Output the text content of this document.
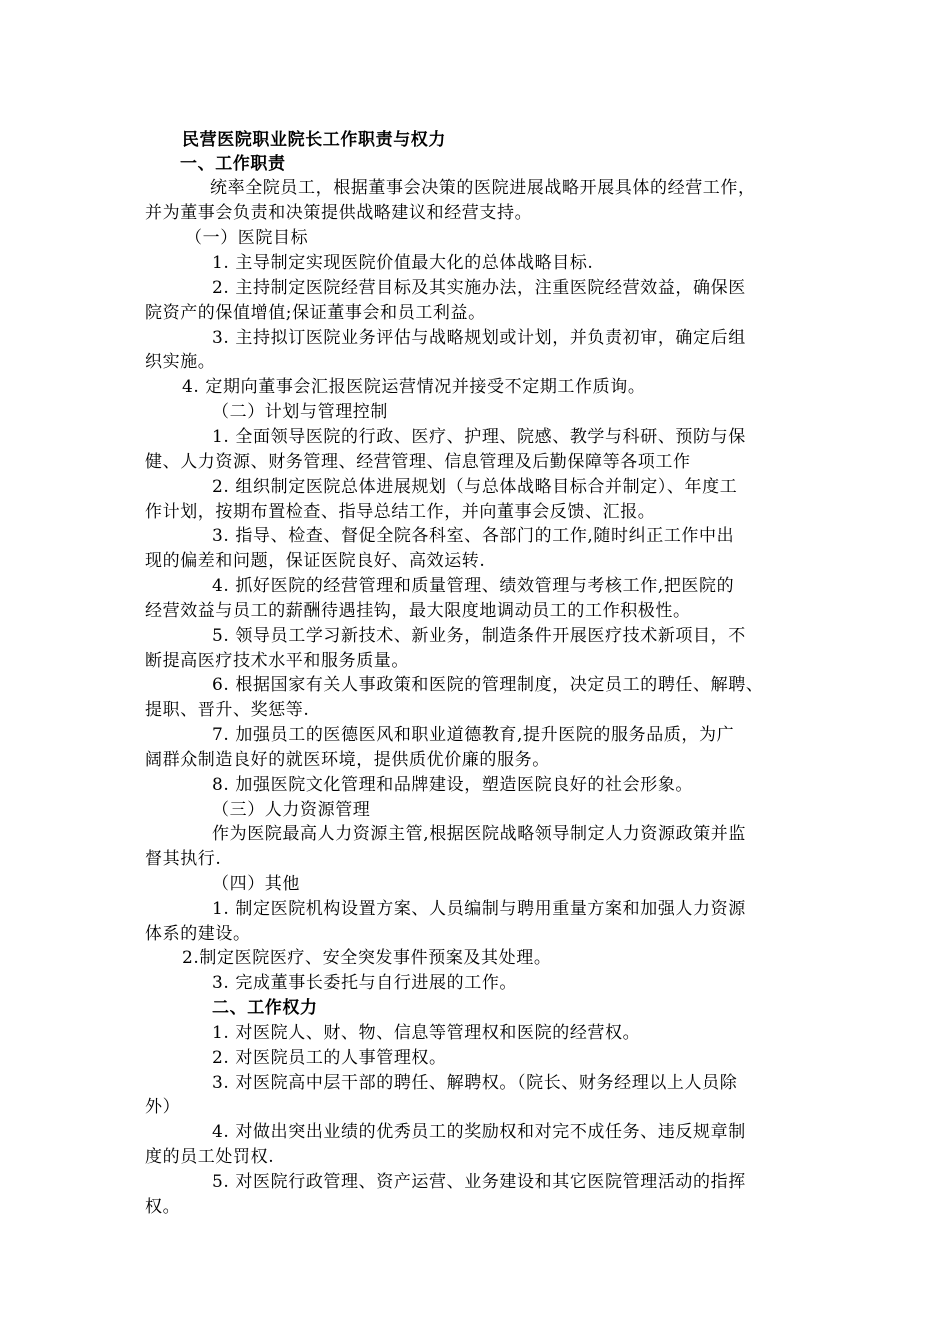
民营医院职业院长工作职责与权力
一、工作职责
统率全院员工，根据董事会决策的医院进展战略开展具体的经营工作，
并为董事会负责和决策提供战略建议和经营支持。
（一）医院目标
1. 主导制定实现医院价值最大化的总体战略目标.
2. 主持制定医院经营目标及其实施办法，注重医院经营效益，确保医
院资产的保值增值;保证董事会和员工利益。
3. 主持拟订医院业务评估与战略规划或计划，并负责初审，确定后组
织实施。
4. 定期向董事会汇报医院运营情况并接受不定期工作质询。
（二）计划与管理控制
1. 全面领导医院的行政、医疗、护理、院感、教学与科研、预防与保
健、人力资源、财务管理、经营管理、信息管理及后勤保障等各项工作
2. 组织制定医院总体进展规划（与总体战略目标合并制定）、年度工
作计划，按期布置检查、指导总结工作，并向董事会反馈、汇报。
3. 指导、检查、督促全院各科室、各部门的工作,随时纠正工作中出
现的偏差和问题，保证医院良好、高效运转.
4. 抓好医院的经营管理和质量管理、绩效管理与考核工作,把医院的
经营效益与员工的薪酬待遇挂钩，最大限度地调动员工的工作积极性。
5. 领导员工学习新技术、新业务，制造条件开展医疗技术新项目，不
断提高医疗技术水平和服务质量。
6. 根据国家有关人事政策和医院的管理制度，决定员工的聘任、解聘、
提职、晋升、奖惩等.
7. 加强员工的医德医风和职业道德教育,提升医院的服务品质，为广
阔群众制造良好的就医环境，提供质优价廉的服务。
8. 加强医院文化管理和品牌建设，塑造医院良好的社会形象。
（三）人力资源管理
作为医院最高人力资源主管,根据医院战略领导制定人力资源政策并监
督其执行.
（四）其他
1. 制定医院机构设置方案、人员编制与聘用重量方案和加强人力资源
体系的建设。
2.制定医院医疗、安全突发事件预案及其处理。
3. 完成董事长委托与自行进展的工作。
二、工作权力
1. 对医院人、财、物、信息等管理权和医院的经营权。
2. 对医院员工的人事管理权。
3. 对医院高中层干部的聘任、解聘权。（院长、财务经理以上人员除
外）
4. 对做出突出业绩的优秀员工的奖励权和对完不成任务、违反规章制
度的员工处罚权.
5. 对医院行政管理、资产运营、业务建设和其它医院管理活动的指挥
权。
